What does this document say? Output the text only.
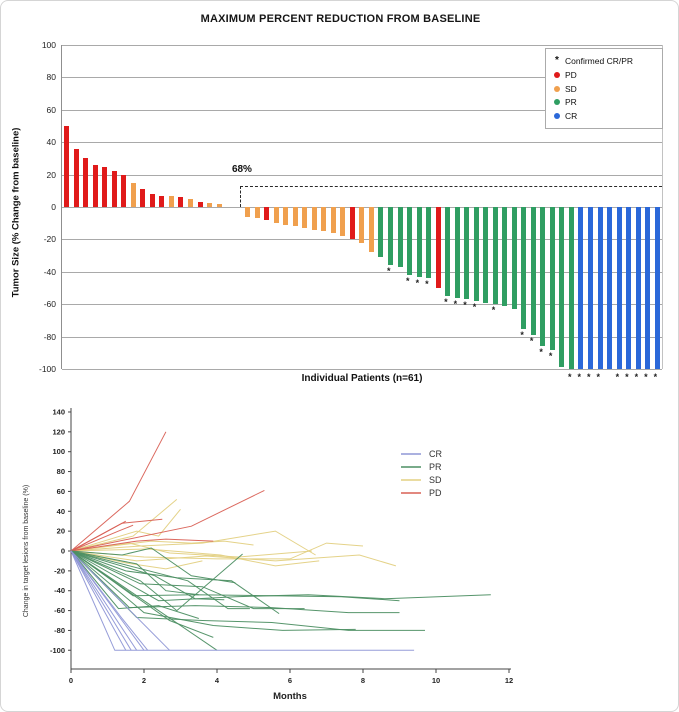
MAXIMUM PERCENT REDUCTION FROM BASELINE
Tumor Size (% Change from baseline)
100
80
60
40
20
0
-20
-40
-60
-80
-100
*
* * *
* * * * *
*
*
* *
* * * * * * * * *
68%
Individual Patients (n=61)
* Confirmed CR/PR
PD
SD
PR
CR
140
120
100
80
60
40
20
0
-20
-40
-60
-80
-100
0	2	4	6	8	10	12
Months
Change in target lesions from baseline (%)
CR
PR
SD
PD
